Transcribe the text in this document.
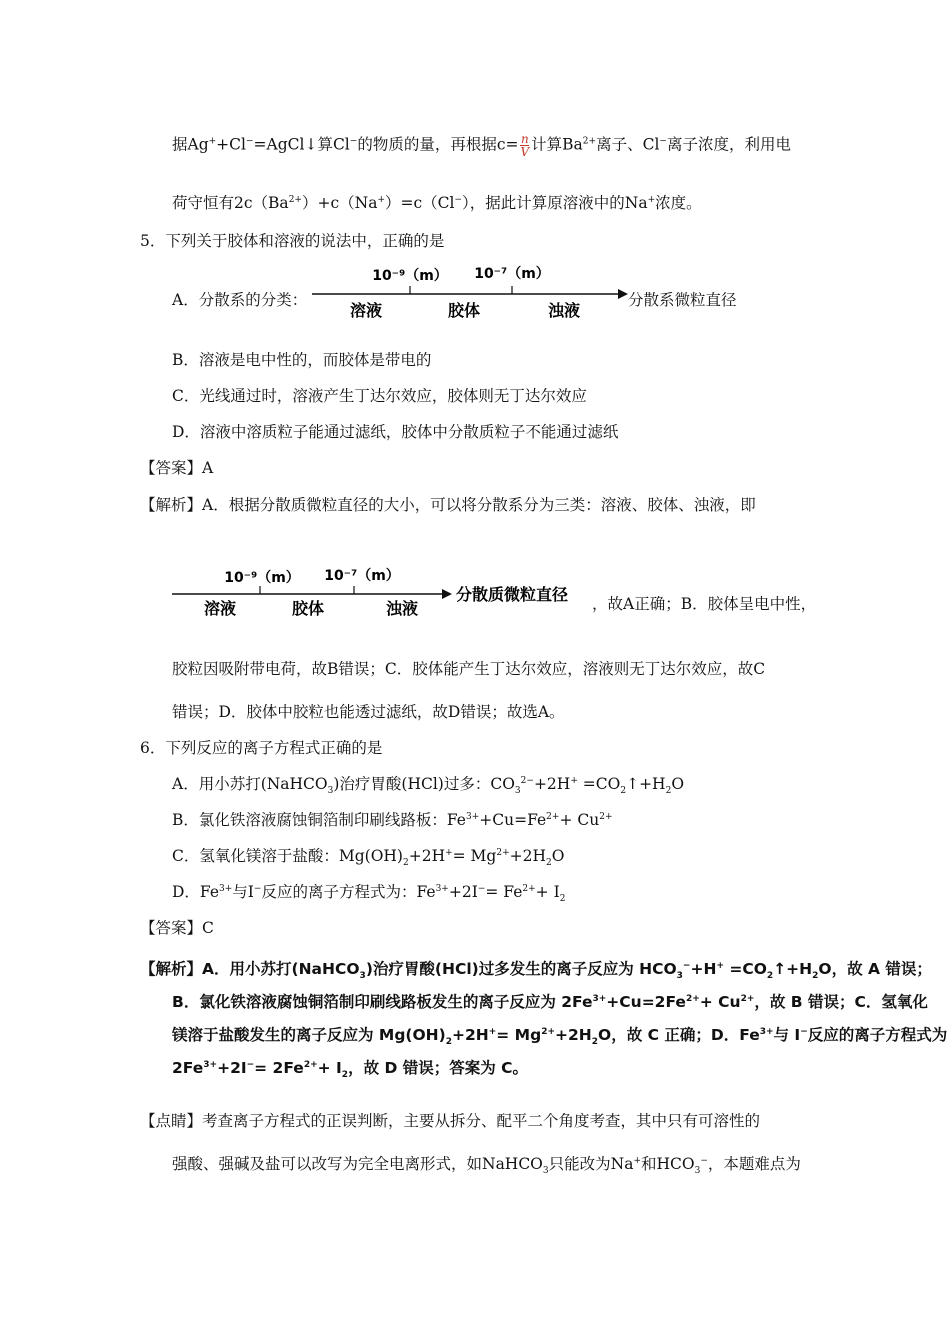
据Ag++Cl−=AgCl↓算Cl−的物质的量，再根据$c= \frac{n}{V}$ 计算$Ba^{2+}$离子、Cl−离子浓度，利用电
荷守恒有$2c(Ba^{2+})+c(Na^+)=c(Cl^-)$，据此计算原溶液中的Na+浓度。
5．下列关于胶体和溶液的说法中，正确的是
A．分散系的分类：
10⁻⁹（m） 10⁻⁷（m）
溶液	胶体	浊液
分散系微粒直径
B．溶液是电中性的，而胶体是带电的
C．光线通过时，溶液产生丁达尔效应，胶体则无丁达尔效应
D．溶液中溶质粒子能通过滤纸，胶体中分散质粒子不能通过滤纸
【答案】A
【解析】A．根据分散质微粒直径的大小，可以将分散系分为三类：溶液、胶体、浊液，即
10⁻⁹（m） 10⁻⁷（m）
溶液	胶体	浊液
分散质微粒直径 ，故A正确；B．胶体呈电中性，
胶粒因吸附带电荷，故B错误；C．胶体能产生丁达尔效应，溶液则无丁达尔效应，故C
错误；D．胶体中胶粒也能透过滤纸，故D错误；故选A。
6．下列反应的离子方程式正确的是
A．用小苏打(NaHCO$_3$)治疗胃酸(HCl)过多：$CO_3^{2-}+2H^+$ $=CO_2↑+H_2O$
B．氯化铁溶液腐蚀铜箔制印刷线路板：$Fe^{3+}+Cu=Fe^{2+}+ Cu^{2+}$
C．氢氧化镁溶于盐酸：$Mg(OH)_2+2H^+= Mg^{2+}+2H_2O$
D．$Fe^{3+}$与I−反应的离子方程式为：$Fe^{3+}+2I^-= Fe^{2+}+ I_2$
【答案】C
【解析】A．用小苏打(NaHCO$_3$)治疗胃酸(HCl)过多发生的离子反应为 $HCO_3^-+H^+$ $=CO_2↑+H_2O$，故 A 错误；
B．氯化铁溶液腐蚀铜箔制印刷线路板发生的离子反应为 $2Fe^{3+}+Cu=2Fe^{2+}+ Cu^{2+}$，故 B 错误；C．氢氧化
镁溶于盐酸发生的离子反应为 $Mg(OH)_2+2H^+= Mg^{2+}+2H_2O$，故 C 正确；D．$Fe^{3+}$与 I−反应的离子方程式为
$2Fe^{3+}+2I^-= 2Fe^{2+}+ I_2$，故 D 错误；答案为 C。
【点睛】考查离子方程式的正误判断，主要从拆分、配平二个角度考查，其中只有可溶性的
强酸、强碱及盐可以改写为完全电离形式，如NaHCO$_3$只能改为Na+和$HCO_3^-$，本题难点为
